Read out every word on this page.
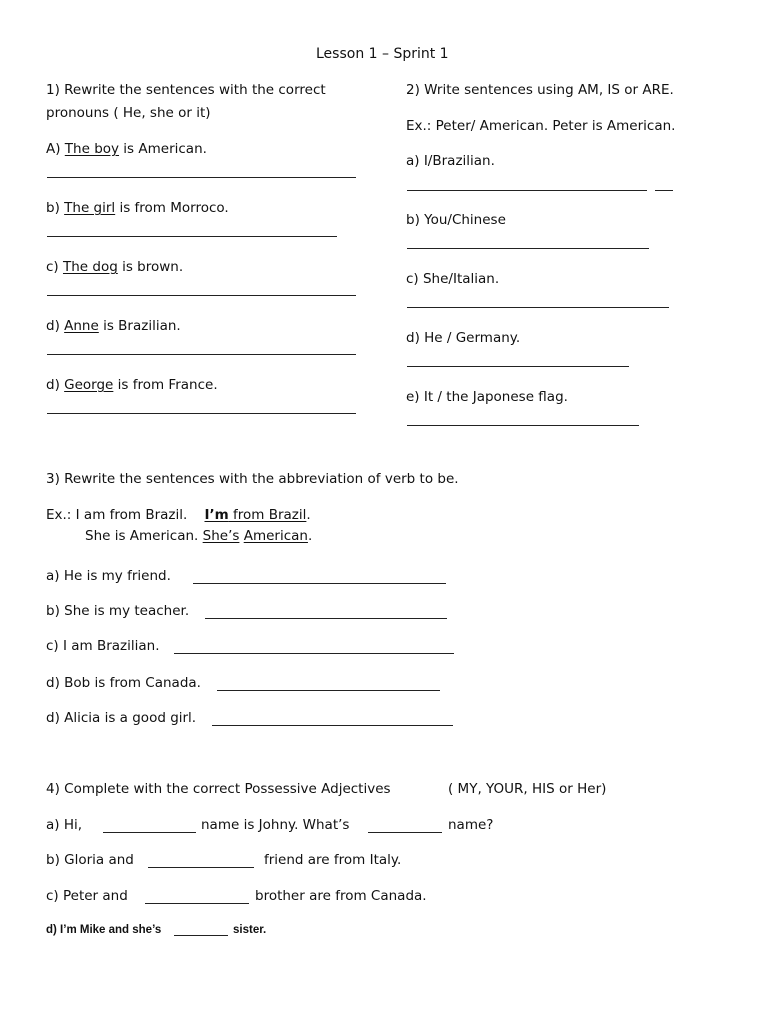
Lesson 1 – Sprint 1
1) Rewrite the sentences with the correct
pronouns ( He, she or it)
A) The boy is American.
b) The girl is from Morroco.
c) The dog is brown.
d) Anne is Brazilian.
d) George is from France.
2) Write sentences using AM, IS or ARE.
Ex.: Peter/ American. Peter is American.
a) I/Brazilian.
b) You/Chinese
c) She/Italian.
d) He / Germany.
e) It / the Japonese flag.
3) Rewrite the sentences with the abbreviation of verb to be.
Ex.: I am from Brazil. I’m from Brazil.
She is American. She’s American.
a) He is my friend.
b) She is my teacher.
c) I am Brazilian.
d) Bob is from Canada.
d) Alicia is a good girl.
4) Complete with the correct Possessive Adjectives	( MY, YOUR, HIS or Her)
a) Hi,	name is Johny. What’s	name?
b) Gloria and	friend are from Italy.
c) Peter and	brother are from Canada.
d) I’m Mike and she’s	sister.
